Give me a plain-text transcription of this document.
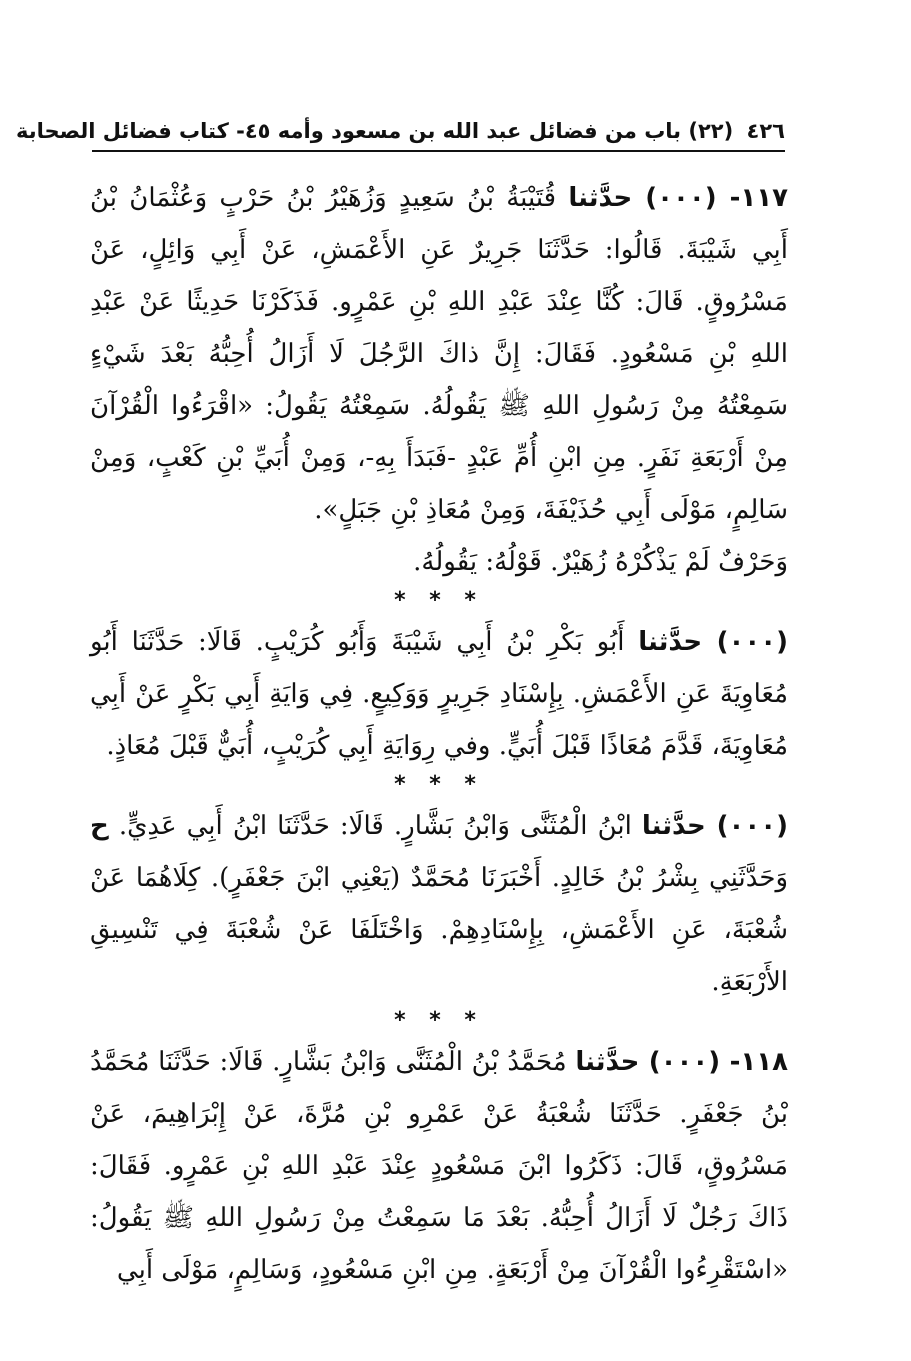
٤٢٦ (٢٢) باب من فضائل عبد الله بن مسعود وأمه ٤٥- كتاب فضائل الصحابة

١١٧- (٠٠٠) حدَّثنا قُتَيْبَةُ بْنُ سَعِيدٍ وَزُهَيْرُ بْنُ حَرْبٍ وَعُثْمَانُ بْنُ أَبِي شَيْبَةَ. قَالُوا: حَدَّثَنَا جَرِيرٌ عَنِ الأَعْمَشِ، عَنْ أَبِي وَائِلٍ، عَنْ مَسْرُوقٍ. قَالَ: كُنَّا عِنْدَ عَبْدِ اللهِ بْنِ عَمْرٍو. فَذَكَرْنَا حَدِيثًا عَنْ عَبْدِ اللهِ بْنِ مَسْعُودٍ. فَقَالَ: إِنَّ ذاكَ الرَّجُلَ لَا أَزَالُ أُحِبُّهُ بَعْدَ شَيْءٍ سَمِعْتُهُ مِنْ رَسُولِ اللهِ ﷺ يَقُولُهُ. سَمِعْتُهُ يَقُولُ: «اقْرَءُوا الْقُرْآنَ مِنْ أَرْبَعَةِ نَفَرٍ. مِنِ ابْنِ أُمِّ عَبْدٍ -فَبَدَأَ بِهِ-، وَمِنْ أُبَيِّ بْنِ كَعْبٍ، وَمِنْ سَالِمٍ، مَوْلَى أَبِي حُذَيْفَةَ، وَمِنْ مُعَاذِ بْنِ جَبَلٍ».

وَحَرْفٌ لَمْ يَذْكُرْهُ زُهَيْرٌ. قَوْلُهُ: يَقُولُهُ.

* * *

(٠٠٠) حدَّثنا أَبُو بَكْرِ بْنُ أَبِي شَيْبَةَ وَأَبُو كُرَيْبٍ. قَالَا: حَدَّثَنَا أَبُو مُعَاوِيَةَ عَنِ الأَعْمَشِ. بِإِسْنَادِ جَرِيرٍ وَوَكِيعٍ. فِي وَايَةِ أَبِي بَكْرٍ عَنْ أَبِي مُعَاوِيَةَ، قَدَّمَ مُعَاذًا قَبْلَ أُبَيٍّ. وفي رِوَايَةِ أَبِي كُرَيْبٍ، أُبَيٌّ قَبْلَ مُعَاذٍ.

* * *

(٠٠٠) حدَّثنا ابْنُ الْمُثَنَّى وَابْنُ بَشَّارٍ. قَالَا: حَدَّثَنَا ابْنُ أَبِي عَدِيٍّ. ح وَحَدَّثَنِي بِشْرُ بْنُ خَالِدٍ. أَخْبَرَنَا مُحَمَّدٌ (يَعْنِي ابْنَ جَعْفَرٍ). كِلَاهُمَا عَنْ شُعْبَةَ، عَنِ الأَعْمَشِ، بِإِسْنَادِهِمْ. وَاخْتَلَفَا عَنْ شُعْبَةَ فِي تَنْسِيقِ الأَرْبَعَةِ.

* * *

١١٨- (٠٠٠) حدَّثنا مُحَمَّدُ بْنُ الْمُثَنَّى وَابْنُ بَشَّارٍ. قَالَا: حَدَّثَنَا مُحَمَّدُ بْنُ جَعْفَرٍ. حَدَّثَنَا شُعْبَةُ عَنْ عَمْرِو بْنِ مُرَّةَ، عَنْ إِبْرَاهِيمَ، عَنْ مَسْرُوقٍ، قَالَ: ذَكَرُوا ابْنَ مَسْعُودٍ عِنْدَ عَبْدِ اللهِ بْنِ عَمْرٍو. فَقَالَ: ذَاكَ رَجُلٌ لَا أَزَالُ أُحِبُّهُ. بَعْدَ مَا سَمِعْتُ مِنْ رَسُولِ اللهِ ﷺ يَقُولُ: «اسْتَقْرِءُوا الْقُرْآنَ مِنْ أَرْبَعَةٍ. مِنِ ابْنِ مَسْعُودٍ، وَسَالِمٍ، مَوْلَى أَبِي
